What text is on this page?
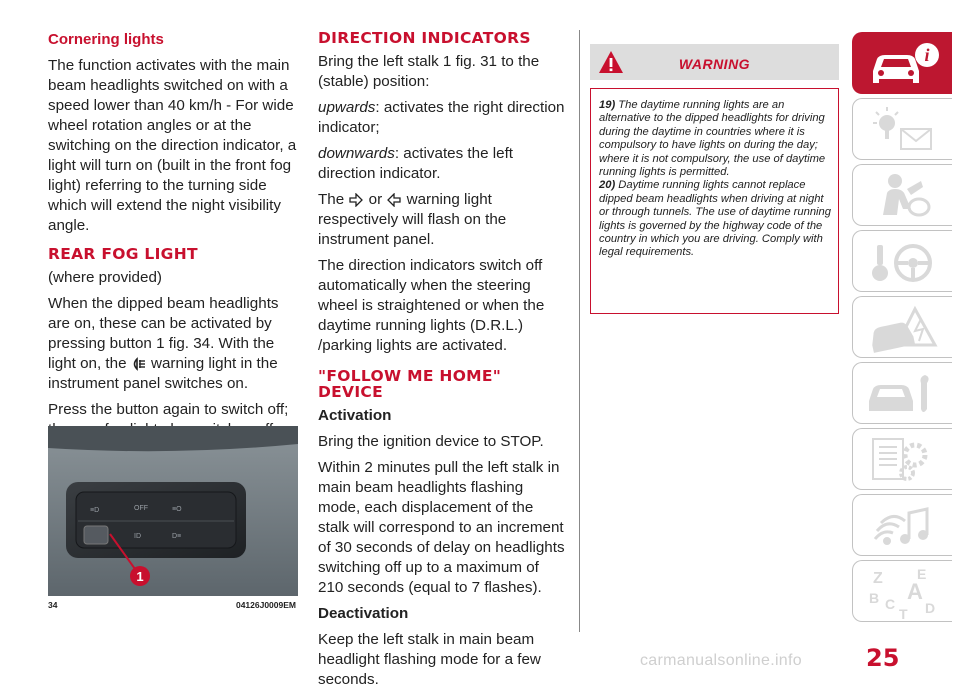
Cornering lights

The function activates with the main beam headlights switched on with a speed lower than 40 km/h - For wide wheel rotation angles or at the switching on the direction indicator, a light will turn on (built in the front fog light) referring to the turning side which will extend the night visibility angle.

REAR FOG LIGHT

(where provided)

When the dipped beam headlights are on, these can be activated by pressing button 1 fig. 34. With the light on, the warning light in the instrument panel switches on.

Press the button again to switch off;

≡D	OFF	≡O
ID	D≡
1
34	04126J0009EM

DIRECTION INDICATORS

Bring the left stalk 1 fig. 31 to the (stable) position:

upwards: activates the right direction indicator;

downwards: activates the left direction indicator.

The or warning light respectively will flash on the instrument panel.

The direction indicators switch off automatically when the steering wheel is straightened or when the daytime running lights (D.R.L.) /parking lights are activated.

"FOLLOW ME HOME" DEVICE

Activation

Bring the ignition device to STOP.

Within 2 minutes pull the left stalk in main beam headlights flashing mode, each displacement of the stalk will correspond to an increment of 30 seconds of delay on headlights switching off up to a maximum of 210 seconds (equal to 7 flashes).

Deactivation

Keep the left stalk in main beam headlight flashing mode for a few seconds.

WARNING

19) The daytime running lights are an alternative to the dipped headlights for driving during the daytime in countries where it is compulsory to have lights on during the day; where it is not compulsory, the use of daytime running lights is permitted.

20) Daytime running lights cannot replace dipped beam headlights when driving at night or through tunnels. The use of daytime running lights is governed by the highway code of the country in which you are driving. Comply with legal requirements.

i
Z E
B A
C D
T
25
carmanualsonline.info
